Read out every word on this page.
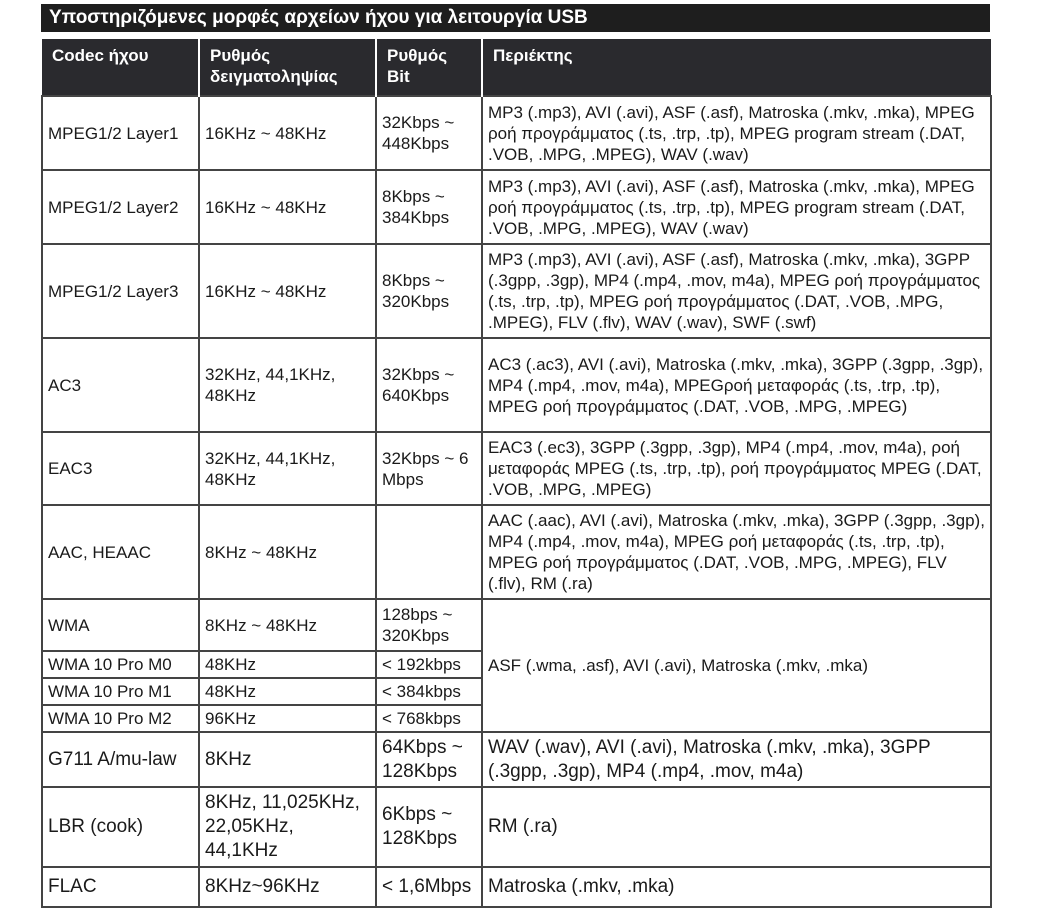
Υποστηριζόμενες μορφές αρχείων ήχου για λειτουργία USB
Codec ήχου	Ρυθμός δειγματοληψίας	Ρυθμός Bit	Περιέκτης
MPEG1/2 Layer1	16KHz ~ 48KHz	32Kbps ~ 448Kbps	MP3 (.mp3), AVI (.avi), ASF (.asf), Matroska (.mkv, .mka), MPEG ροή προγράμματος (.ts, .trp, .tp), MPEG program stream (.DAT, .VOB, .MPG, .MPEG), WAV (.wav)
MPEG1/2 Layer2	16KHz ~ 48KHz	8Kbps ~ 384Kbps	MP3 (.mp3), AVI (.avi), ASF (.asf), Matroska (.mkv, .mka), MPEG ροή προγράμματος (.ts, .trp, .tp), MPEG program stream (.DAT, .VOB, .MPG, .MPEG), WAV (.wav)
MPEG1/2 Layer3	16KHz ~ 48KHz	8Kbps ~ 320Kbps	MP3 (.mp3), AVI (.avi), ASF (.asf), Matroska (.mkv, .mka), 3GPP (.3gpp, .3gp), MP4 (.mp4, .mov, m4a), MPEG ροή προγράμματος (.ts, .trp, .tp), MPEG ροή προγράμματος (.DAT, .VOB, .MPG, .MPEG), FLV (.flv), WAV (.wav), SWF (.swf)
AC3	32KHz, 44,1KHz, 48KHz	32Kbps ~ 640Kbps	AC3 (.ac3), AVI (.avi), Matroska (.mkv, .mka), 3GPP (.3gpp, .3gp), MP4 (.mp4, .mov, m4a), MPEGροή μεταφοράς (.ts, .trp, .tp), MPEG ροή προγράμματος (.DAT, .VOB, .MPG, .MPEG)
EAC3	32KHz, 44,1KHz, 48KHz	32Kbps ~ 6 Mbps	EAC3 (.ec3), 3GPP (.3gpp, .3gp), MP4 (.mp4, .mov, m4a), ροή μεταφοράς MPEG (.ts, .trp, .tp), ροή προγράμματος MPEG (.DAT, .VOB, .MPG, .MPEG)
AAC, HEAAC	8KHz ~ 48KHz		AAC (.aac), AVI (.avi), Matroska (.mkv, .mka), 3GPP (.3gpp, .3gp), MP4 (.mp4, .mov, m4a), MPEG ροή μεταφοράς (.ts, .trp, .tp), MPEG ροή προγράμματος (.DAT, .VOB, .MPG, .MPEG), FLV (.flv), RM (.ra)
WMA	8KHz ~ 48KHz	128bps ~ 320Kbps	ASF (.wma, .asf), AVI (.avi), Matroska (.mkv, .mka)
WMA 10 Pro M0	48KHz	< 192kbps	
WMA 10 Pro M1	48KHz	< 384kbps	
WMA 10 Pro M2	96KHz	< 768kbps	
G711 A/mu-law	8KHz	64Kbps ~ 128Kbps	WAV (.wav), AVI (.avi), Matroska (.mkv, .mka), 3GPP (.3gpp, .3gp), MP4 (.mp4, .mov, m4a)
LBR (cook)	8KHz, 11,025KHz, 22,05KHz, 44,1KHz	6Kbps ~ 128Kbps	RM (.ra)
FLAC	8KHz~96KHz	< 1,6Mbps	Matroska (.mkv, .mka)
